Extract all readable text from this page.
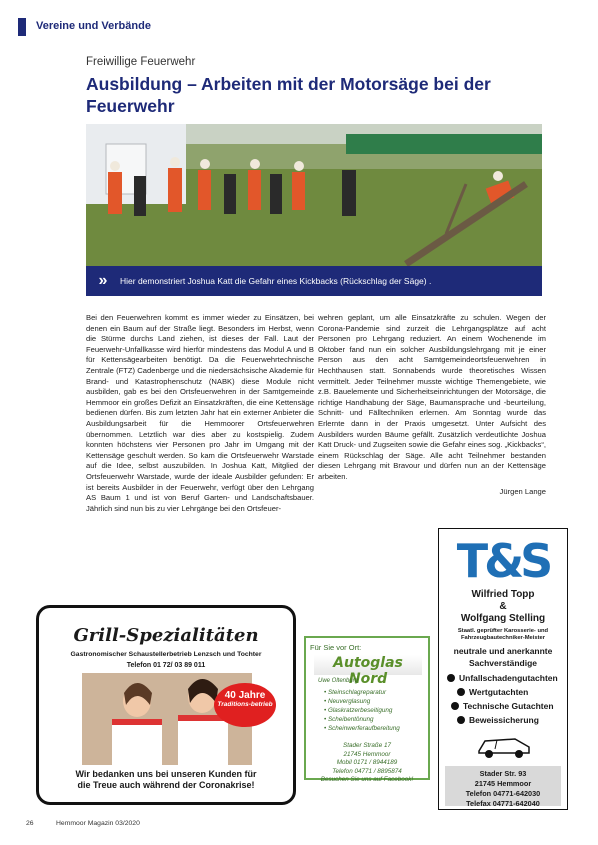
Vereine und Verbände
Freiwillige Feuerwehr
Ausbildung – Arbeiten mit der Motorsäge bei der Feuerwehr
»	Hier demonstriert Joshua Katt die Gefahr eines Kickbacks (Rückschlag der Säge) .
Bei den Feuerwehren kommt es immer wieder zu Einsätzen, bei denen ein Baum auf der Straße liegt. Besonders im Herbst, wenn die Stürme durchs Land ziehen, ist dieses der Fall. Laut der Feuerwehr-Unfallkasse wird hierfür mindestens das Modul A und B für Kettensägearbeiten benötigt. Da die Feuerwehrtechnische Zentrale (FTZ) Cadenberge und die niedersächsische Akademie für Brand- und Katastrophenschutz (NABK) diese Module nicht ausbilden, gab es bei den Ortsfeuerwehren in der Samtgemeinde Hemmoor ein großes Defizit an Einsatzkräften, die eine Kettensäge bedienen dürfen. Bis zum letzten Jahr hat ein externer Anbieter die Ausbildungsarbeit für die Hemmoorer Ortsfeuerwehren übernommen. Letztlich war dies aber zu kostspielig. Zudem konnten höchstens vier Personen pro Jahr im Umgang mit der Kettensäge geschult werden. So kam die Ortsfeuerwehr Warstade auf die Idee, selbst auszubilden. In Joshua Katt, Mitglied der Ortsfeuerwehr Warstade, wurde der ideale Ausbilder gefunden: Er ist bereits Ausbilder in der Feuerwehr, verfügt über den Lehrgang AS Baum 1 und ist von Beruf Garten- und Landschaftsbauer. Jährlich sind nun bis zu vier Lehrgänge bei den Ortsfeuer-
wehren geplant, um alle Einsatzkräfte zu schulen. Wegen der Corona-Pandemie sind zurzeit die Lehrgangsplätze auf acht Personen pro Lehrgang reduziert. An einem Wochenende im Oktober fand nun ein solcher Ausbildungslehrgang mit je einer Person aus den acht Samtgemeindeortsfeuerwehren in Hechthausen statt. Sonnabends wurde theoretisches Wissen vermittelt. Jeder Teilnehmer musste wichtige Themengebiete, wie z.B. Bauelemente und Sicherheitseinrichtungen der Motorsäge, die richtige Handhabung der Säge, Baumansprache und -beurteilung, Schnitt- und Fälltechniken erlernen. Am Sonntag wurde das Erlernte dann in der Praxis umgesetzt. Unter Aufsicht des Ausbilders wurden Bäume gefällt. Zusätzlich verdeutlichte Joshua Katt Druck- und Zugseiten sowie die Gefahr eines sog. „Kickbacks“, einem Rückschlag der Säge. Alle acht Teilnehmer bestanden diesen Lehrgang mit Bravour und dürfen nun an der Kettensäge arbeiten.
Jürgen Lange
Grill-Spezialitäten
Gastronomischer Schaustellerbetrieb Lenzsch und Tochter
Telefon 01 72/ 03 89 011
40 Jahre
Traditions-betrieb
Wir bedanken uns bei unseren Kunden für
die Treue auch während der Coronakrise!
Für Sie vor Ort:
Autoglas Nord
Uwe Oltenburg
• Steinschlagreparatur
• Neuverglasung
• Glaskratzerbeseitigung
• Scheibentönung
• Scheinwerferaufbereitung
Stader Straße 17
21745 Hemmoor
Mobil 0171 / 8944189
Telefon 04771 / 8895874
Besuchen Sie uns auf Facebook!
T&S
Wilfried Topp
&
Wolfgang Stelling
Staatl. geprüfter Karosserie- und Fahrzeugbautechniker-Meister
neutrale und anerkannte
Sachverständige
Unfallschadengutachten
Wertgutachten
Technische Gutachten
Beweissicherung
Stader Str. 93
21745 Hemmoor
Telefon 04771-642030
Telefax 04771-642040
26	Hemmoor Magazin 03/2020
